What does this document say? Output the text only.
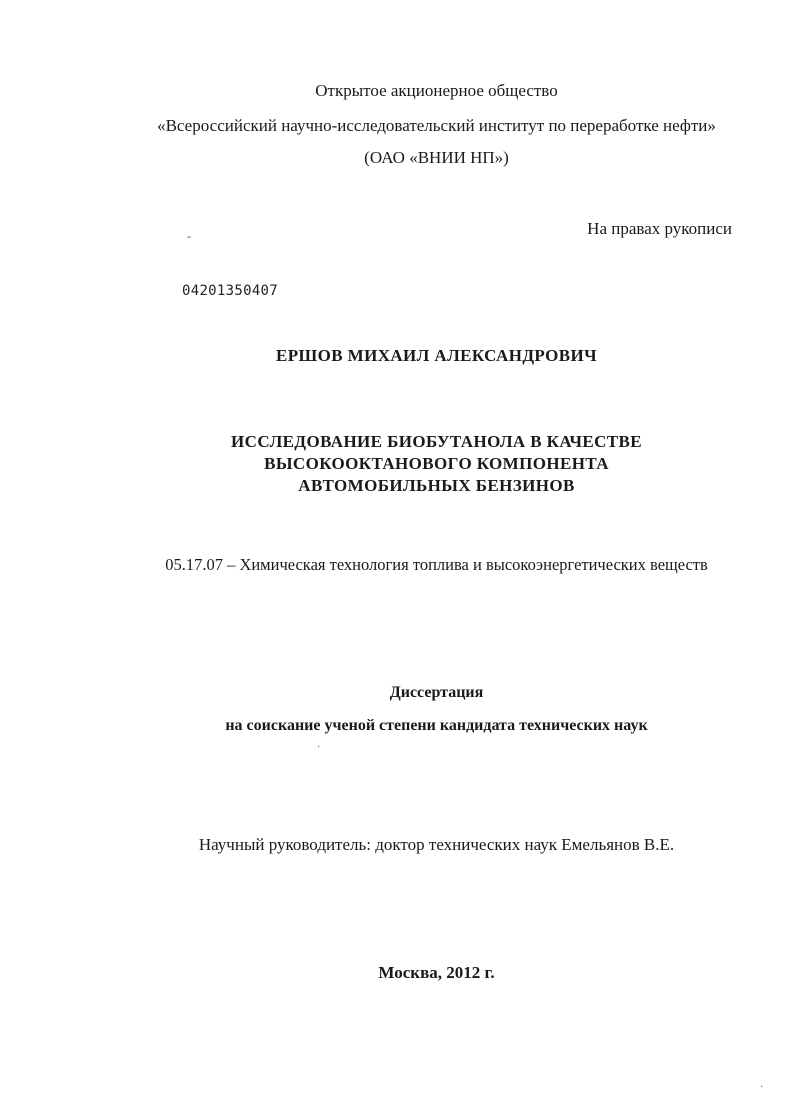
Открытое акционерное общество
«Всероссийский научно-исследовательский институт по переработке нефти»
(ОАО «ВНИИ НП»)
-	На правах рукописи
04201350407
ЕРШОВ МИХАИЛ АЛЕКСАНДРОВИЧ
ИССЛЕДОВАНИЕ БИОБУТАНОЛА В КАЧЕСТВЕ
ВЫСОКООКТАНОВОГО КОМПОНЕНТА
АВТОМОБИЛЬНЫХ БЕНЗИНОВ
05.17.07 – Химическая технология топлива и высокоэнергетических веществ
Диссертация
на соискание ученой степени кандидата технических наук
·
Научный руководитель: доктор технических наук Емельянов В.Е.
Москва, 2012 г.
·
